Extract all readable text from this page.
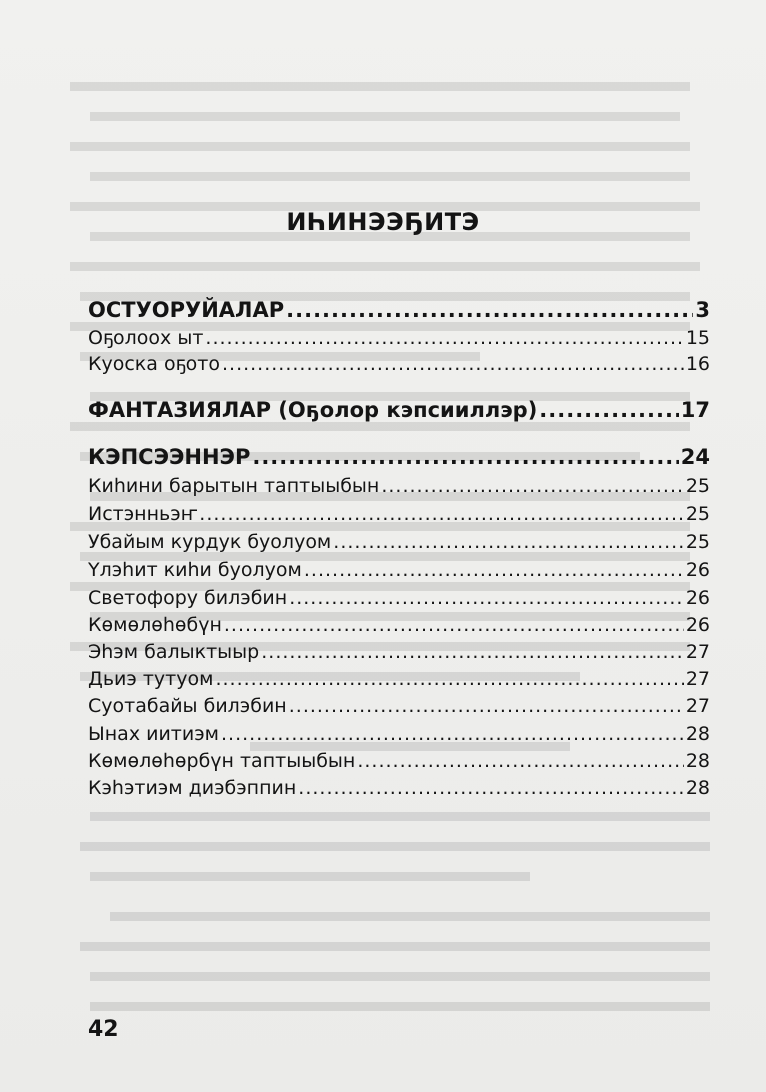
ИҺИНЭЭҔИТЭ
ОСТУОРУЙАЛАР .....	3
Оҕолоох ыт .....	15
Куоска оҕото .....	16
ФАНТАЗИЯЛАР (Оҕолор кэпсииллэр) .....	17
КЭПСЭЭННЭР .....	24
Киһини барытын таптыыбын .....	25
Истэнньэҥ .....	25
Убайым курдук буолуом .....	25
Үлэһит киһи буолуом .....	26
Светофору билэбин .....	26
Көмөлөһөбүн .....	26
Эһэм балыктыыр .....	27
Дьиэ тутуом .....	27
Суотабайы билэбин .....	27
Ынах иитиэм .....	28
Көмөлөһөрбүн таптыыбын .....	28
Кэһэтиэм диэбэппин .....	28
42
